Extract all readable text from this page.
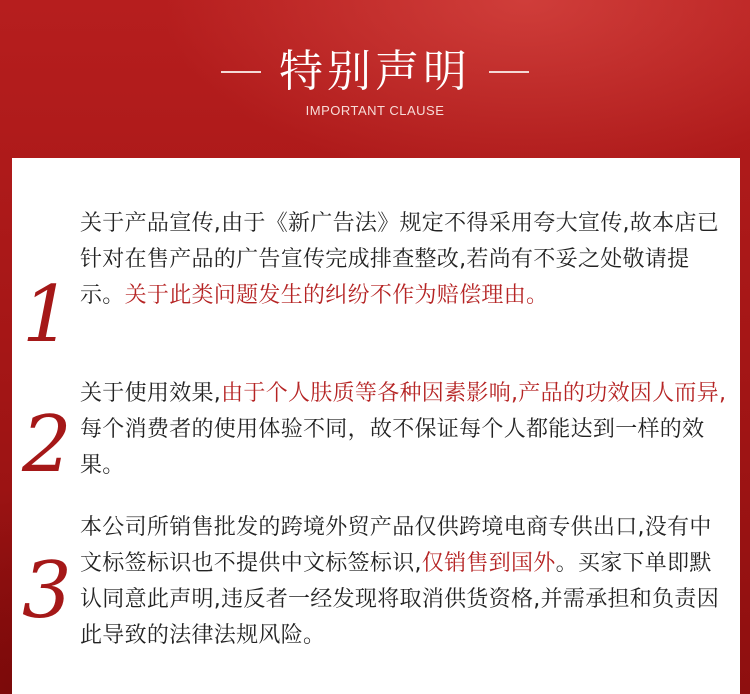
特别声明
IMPORTANT CLAUSE
1
关于产品宣传,由于《新广告法》规定不得采用夸大宣传,故本店已针对在售产品的广告宣传完成排查整改,若尚有不妥之处敬请提示。关于此类问题发生的纠纷不作为赔偿理由。
2
关于使用效果,由于个人肤质等各种因素影响,产品的功效因人而异,每个消费者的使用体验不同，故不保证每个人都能达到一样的效果。
3
本公司所销售批发的跨境外贸产品仅供跨境电商专供出口,没有中文标签标识也不提供中文标签标识,仅销售到国外。买家下单即默认同意此声明,违反者一经发现将取消供货资格,并需承担和负责因此导致的法律法规风险。
